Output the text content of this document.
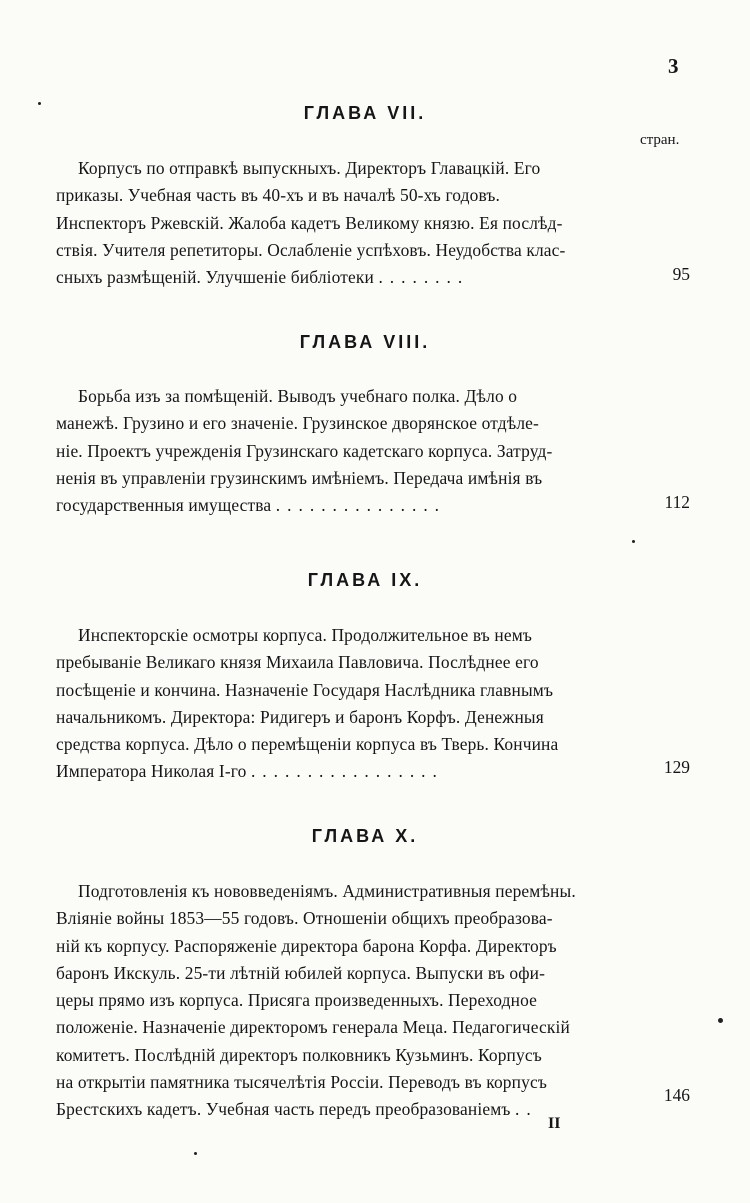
3
стран.
ГЛАВА VII.
Корпусъ по отправкѣ выпускныхъ. Директоръ Главацкій. Его
приказы. Учебная часть въ 40-хъ и въ началѣ 50-хъ годовъ.
Инспекторъ Ржевскій. Жалоба кадетъ Великому князю. Ея послѣд-
ствія. Учителя репетиторы. Ослабленіе успѣховъ. Неудобства клас-
сныхъ размѣщеній. Улучшеніе библіотеки ........	95
ГЛАВА VIII.
Борьба изъ за помѣщеній. Выводъ учебнаго полка. Дѣло о
манежѣ. Грузино и его значеніе. Грузинское дворянское отдѣле-
ніе. Проектъ учрежденія Грузинскаго кадетскаго корпуса. Затруд-
ненія въ управленіи грузинскимъ имѣніемъ. Передача имѣнія въ
государственныя имущества ...............	112
ГЛАВА IX.
Инспекторскіе осмотры корпуса. Продолжительное въ немъ
пребываніе Великаго князя Михаила Павловича. Послѣднее его
посѣщеніе и кончина. Назначеніе Государя Наслѣдника главнымъ
начальникомъ. Директора: Ридигеръ и баронъ Корфъ. Денежныя
средства корпуса. Дѣло о перемѣщеніи корпуса въ Тверь. Кончина
Императора Николая I-го .................	129
ГЛАВА X.
Подготовленія къ нововведеніямъ. Административныя перемѣны.
Вліяніе войны 1853—55 годовъ. Отношеніи общихъ преобразова-
ній къ корпусу. Распоряженіе директора барона Корфа. Директоръ
баронъ Икскуль. 25-ти лѣтній юбилей корпуса. Выпуски въ офи-
церы прямо изъ корпуса. Присяга произведенныхъ. Переходное
положеніе. Назначеніе директоромъ генерала Меца. Педагогическій
комитетъ. Послѣдній директоръ полковникъ Кузьминъ. Корпусъ
на открытіи памятника тысячелѣтія Россіи. Переводъ въ корпусъ
Брестскихъ кадетъ. Учебная часть передъ преобразованіемъ ..
146
II
